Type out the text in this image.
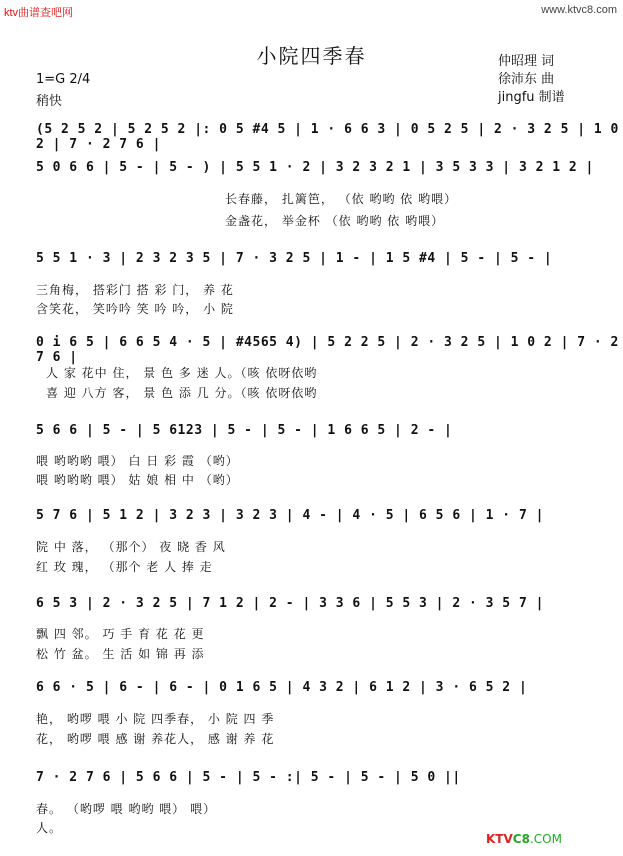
ktv曲谱查吧网	www.ktvc8.com
小院四季春	仲昭理 词
徐沛东 曲
jingfu 制谱
1=G 2/4
稍快
(5 2 5 2 | 5 2 5 2 |: 0 5 #4 5 | 1 · 6 6 3 | 0 5 2 5 | 2 · 3 2 5 | 1 0 2 | 7 · 2 7 6 |
5 0 6 6 | 5 - | 5 - ) | 5 5 1 · 2 | 3 2 3 2 1 | 3 5 3 3 | 3 2 1 2 |
5 5 1 · 3 | 2 3 2 3 5 | 7 · 3 2 5 | 1 - | 1 5 #4 | 5 - | 5 - |
0 i 6 5 | 6 6 5 4 · 5 | #4565 4) | 5 2 2 5 | 2 · 3 2 5 | 1 0 2 | 7 · 2 7 6 |
5 6 6 | 5 - | 5 6123 | 5 - | 5 - | 1 6 6 5 | 2 - |
5 7 6 | 5 1 2 | 3 2 3 | 3 2 3 | 4 - | 4 · 5 | 6 5 6 | 1 · 7 |
6 5 3 | 2 · 3 2 5 | 7 1 2 | 2 - | 3 3 6 | 5 5 3 | 2 · 3 5 7 |
6 6 · 5 | 6 - | 6 - | 0 1 6 5 | 4 3 2 | 6 1 2 | 3 · 6 5 2 |
7 · 2 7 6 | 5 6 6 | 5 - | 5 - :| 5 - | 5 - | 5 0 ||
长春藤， 扎篱笆， （依 哟哟 依 哟喂）
金盏花， 举金杯 （依 哟哟 依 哟喂）
三角梅， 搭彩门 搭 彩 门， 养 花
含笑花， 笑吟吟 笑 吟 吟， 小 院
人 家 花中 住， 景 色 多 迷 人。（咳 依呀依哟
喜 迎 八方 客， 景 色 添 几 分。（咳 依呀依哟
喂 哟哟哟 喂） 白 日 彩 霞 （哟）
喂 哟哟哟 喂） 姑 娘 相 中 （哟）
院 中 落， （那个） 夜 晓 香 风
红 玫 瑰， （那个 老 人 捧 走
飘 四 邻。 巧 手 育 花 花 更
松 竹 盆。 生 活 如 锦 再 添
艳， 哟啰 喂 小 院 四季春， 小 院 四 季
花， 哟啰 喂 感 谢 养花人， 感 谢 养 花
春。 （哟啰 喂 哟哟 喂） 喂）
人。
KTVC8.COM
